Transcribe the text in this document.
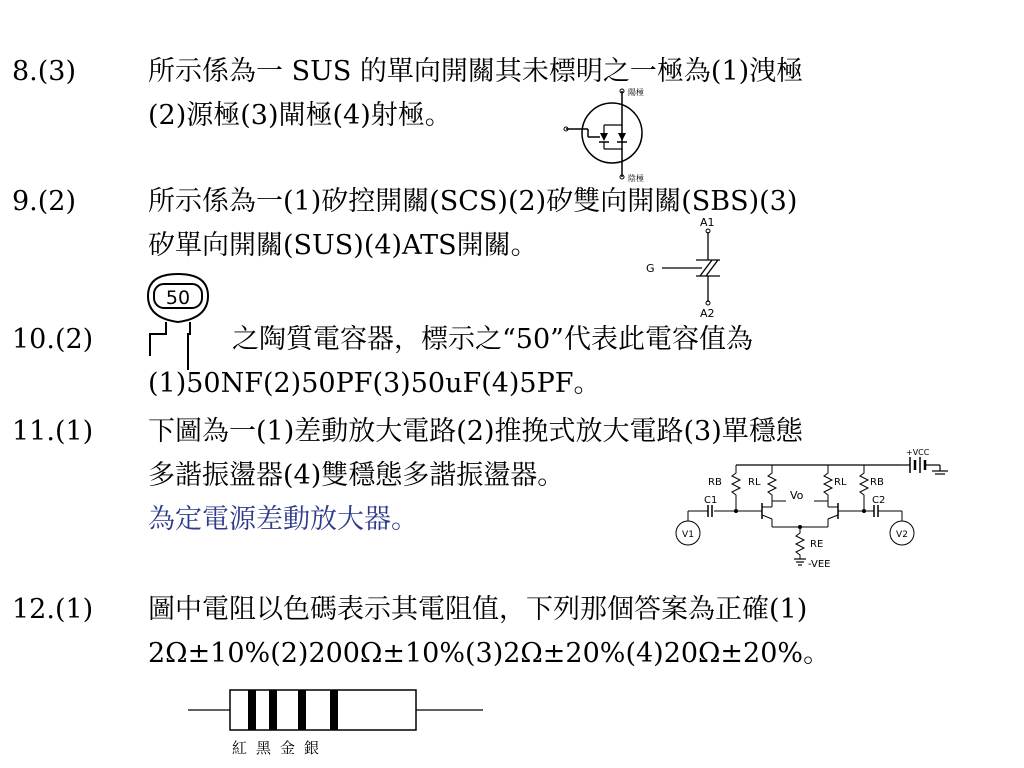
8.(3)	所示係為一 SUS 的單向開關其未標明之一極為(1)洩極
(2)源極(3)閘極(4)射極。
陽極
陰極
9.(2)	所示係為一(1)矽控開關(SCS)(2)矽雙向開關(SBS)(3)
矽單向開關(SUS)(4)ATS開關。
A1
A2
G
50
10.(2)	之陶質電容器，標示之“50”代表此電容值為
(1)50NF(2)50PF(3)50uF(4)5PF。
11.(1) 下圖為一(1)差動放大電路(2)推挽式放大電路(3)單穩態
多諧振盪器(4)雙穩態多諧振盪器。
為定電源差動放大器。
+VCC
RB	RL	RL RB
Vo
RE
-VEE
C1
V1
C2
V2
12.(1) 圖中電阻以色碼表示其電阻值，下列那個答案為正確(1)
2Ω±10%(2)200Ω±10%(3)2Ω±20%(4)20Ω±20%。
紅黑金銀
